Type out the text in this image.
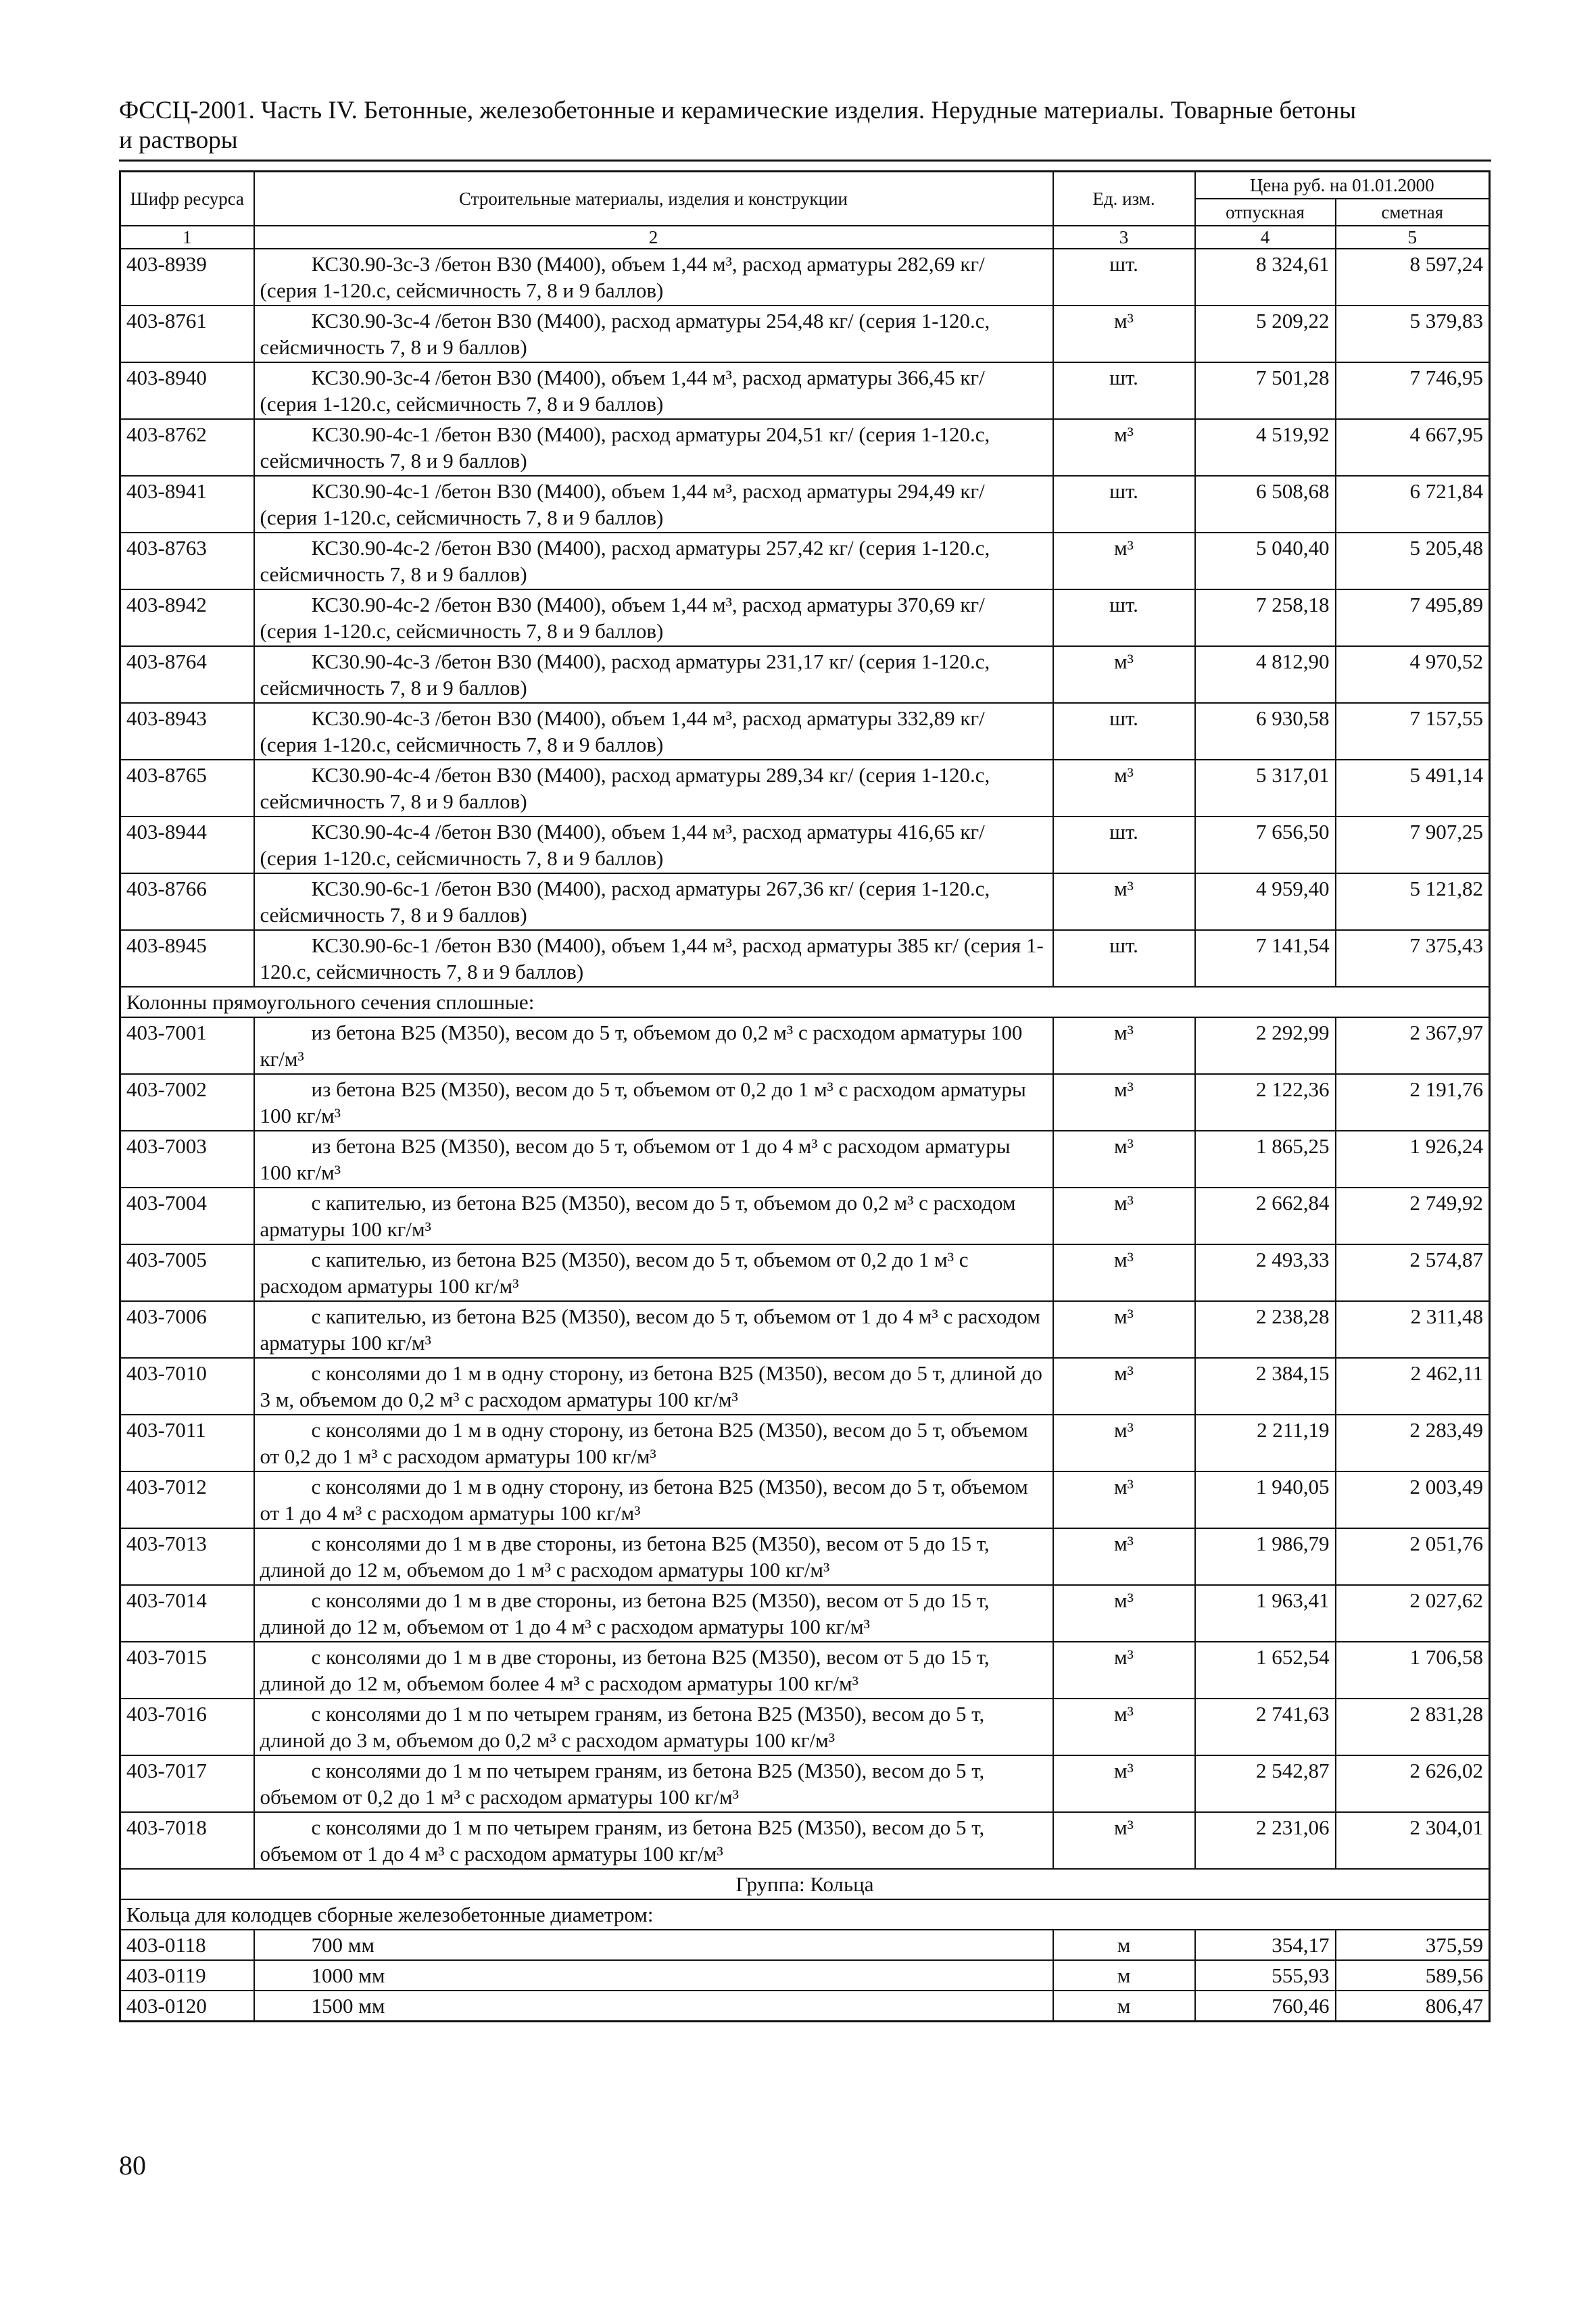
ФССЦ-2001. Часть IV. Бетонные, железобетонные и керамические изделия. Нерудные материалы. Товарные бетоны
и растворы
Шифр ресурса	Строительные материалы, изделия и конструкции	Ед. изм.	Цена руб. на 01.01.2000	
			отпускная	сметная
1	2	3	4	5
403-8939	КС30.90-3с-3 /бетон В30 (М400), объем 1,44 м³, расход арматуры 282,69 кг/ (серия 1-120.с, сейсмичность 7, 8 и 9 баллов)	шт.	8 324,61	8 597,24
403-8761	КС30.90-3с-4 /бетон В30 (М400), расход арматуры 254,48 кг/ (серия 1-120.с, сейсмичность 7, 8 и 9 баллов)	м³	5 209,22	5 379,83
403-8940	КС30.90-3с-4 /бетон В30 (М400), объем 1,44 м³, расход арматуры 366,45 кг/ (серия 1-120.с, сейсмичность 7, 8 и 9 баллов)	шт.	7 501,28	7 746,95
403-8762	КС30.90-4с-1 /бетон В30 (М400), расход арматуры 204,51 кг/ (серия 1-120.с, сейсмичность 7, 8 и 9 баллов)	м³	4 519,92	4 667,95
403-8941	КС30.90-4с-1 /бетон В30 (М400), объем 1,44 м³, расход арматуры 294,49 кг/ (серия 1-120.с, сейсмичность 7, 8 и 9 баллов)	шт.	6 508,68	6 721,84
403-8763	КС30.90-4с-2 /бетон В30 (М400), расход арматуры 257,42 кг/ (серия 1-120.с, сейсмичность 7, 8 и 9 баллов)	м³	5 040,40	5 205,48
403-8942	КС30.90-4с-2 /бетон В30 (М400), объем 1,44 м³, расход арматуры 370,69 кг/ (серия 1-120.с, сейсмичность 7, 8 и 9 баллов)	шт.	7 258,18	7 495,89
403-8764	КС30.90-4с-3 /бетон В30 (М400), расход арматуры 231,17 кг/ (серия 1-120.с, сейсмичность 7, 8 и 9 баллов)	м³	4 812,90	4 970,52
403-8943	КС30.90-4с-3 /бетон В30 (М400), объем 1,44 м³, расход арматуры 332,89 кг/ (серия 1-120.с, сейсмичность 7, 8 и 9 баллов)	шт.	6 930,58	7 157,55
403-8765	КС30.90-4с-4 /бетон В30 (М400), расход арматуры 289,34 кг/ (серия 1-120.с, сейсмичность 7, 8 и 9 баллов)	м³	5 317,01	5 491,14
403-8944	КС30.90-4с-4 /бетон В30 (М400), объем 1,44 м³, расход арматуры 416,65 кг/ (серия 1-120.с, сейсмичность 7, 8 и 9 баллов)	шт.	7 656,50	7 907,25
403-8766	КС30.90-6с-1 /бетон В30 (М400), расход арматуры 267,36 кг/ (серия 1-120.с, сейсмичность 7, 8 и 9 баллов)	м³	4 959,40	5 121,82
403-8945	КС30.90-6с-1 /бетон В30 (М400), объем 1,44 м³, расход арматуры 385 кг/ (серия 1-120.с, сейсмичность 7, 8 и 9 баллов)	шт.	7 141,54	7 375,43
Колонны прямоугольного сечения сплошные:				
403-7001	из бетона В25 (М350), весом до 5 т, объемом до 0,2 м³ с расходом арматуры 100 кг/м³	м³	2 292,99	2 367,97
403-7002	из бетона В25 (М350), весом до 5 т, объемом от 0,2 до 1 м³ с расходом арматуры 100 кг/м³	м³	2 122,36	2 191,76
403-7003	из бетона В25 (М350), весом до 5 т, объемом от 1 до 4 м³ с расходом арматуры 100 кг/м³	м³	1 865,25	1 926,24
403-7004	с капителью, из бетона В25 (М350), весом до 5 т, объемом до 0,2 м³ с расходом арматуры 100 кг/м³	м³	2 662,84	2 749,92
403-7005	с капителью, из бетона В25 (М350), весом до 5 т, объемом от 0,2 до 1 м³ с расходом арматуры 100 кг/м³	м³	2 493,33	2 574,87
403-7006	с капителью, из бетона В25 (М350), весом до 5 т, объемом от 1 до 4 м³ с расходом арматуры 100 кг/м³	м³	2 238,28	2 311,48
403-7010	с консолями до 1 м в одну сторону, из бетона В25 (М350), весом до 5 т, длиной до 3 м, объемом до 0,2 м³ с расходом арматуры 100 кг/м³	м³	2 384,15	2 462,11
403-7011	с консолями до 1 м в одну сторону, из бетона В25 (М350), весом до 5 т, объемом от 0,2 до 1 м³ с расходом арматуры 100 кг/м³	м³	2 211,19	2 283,49
403-7012	с консолями до 1 м в одну сторону, из бетона В25 (М350), весом до 5 т, объемом от 1 до 4 м³ с расходом арматуры 100 кг/м³	м³	1 940,05	2 003,49
403-7013	с консолями до 1 м в две стороны, из бетона В25 (М350), весом от 5 до 15 т, длиной до 12 м, объемом до 1 м³ с расходом арматуры 100 кг/м³	м³	1 986,79	2 051,76
403-7014	с консолями до 1 м в две стороны, из бетона В25 (М350), весом от 5 до 15 т, длиной до 12 м, объемом от 1 до 4 м³ с расходом арматуры 100 кг/м³	м³	1 963,41	2 027,62
403-7015	с консолями до 1 м в две стороны, из бетона В25 (М350), весом от 5 до 15 т, длиной до 12 м, объемом более 4 м³ с расходом арматуры 100 кг/м³	м³	1 652,54	1 706,58
403-7016	с консолями до 1 м по четырем граням, из бетона В25 (М350), весом до 5 т, длиной до 3 м, объемом до 0,2 м³ с расходом арматуры 100 кг/м³	м³	2 741,63	2 831,28
403-7017	с консолями до 1 м по четырем граням, из бетона В25 (М350), весом до 5 т, объемом от 0,2 до 1 м³ с расходом арматуры 100 кг/м³	м³	2 542,87	2 626,02
403-7018	с консолями до 1 м по четырем граням, из бетона В25 (М350), весом до 5 т, объемом от 1 до 4 м³ с расходом арматуры 100 кг/м³	м³	2 231,06	2 304,01
Группа: Кольца				
Кольца для колодцев сборные железобетонные диаметром:				
403-0118	700 мм	м	354,17	375,59
403-0119	1000 мм	м	555,93	589,56
403-0120	1500 мм	м	760,46	806,47
80
